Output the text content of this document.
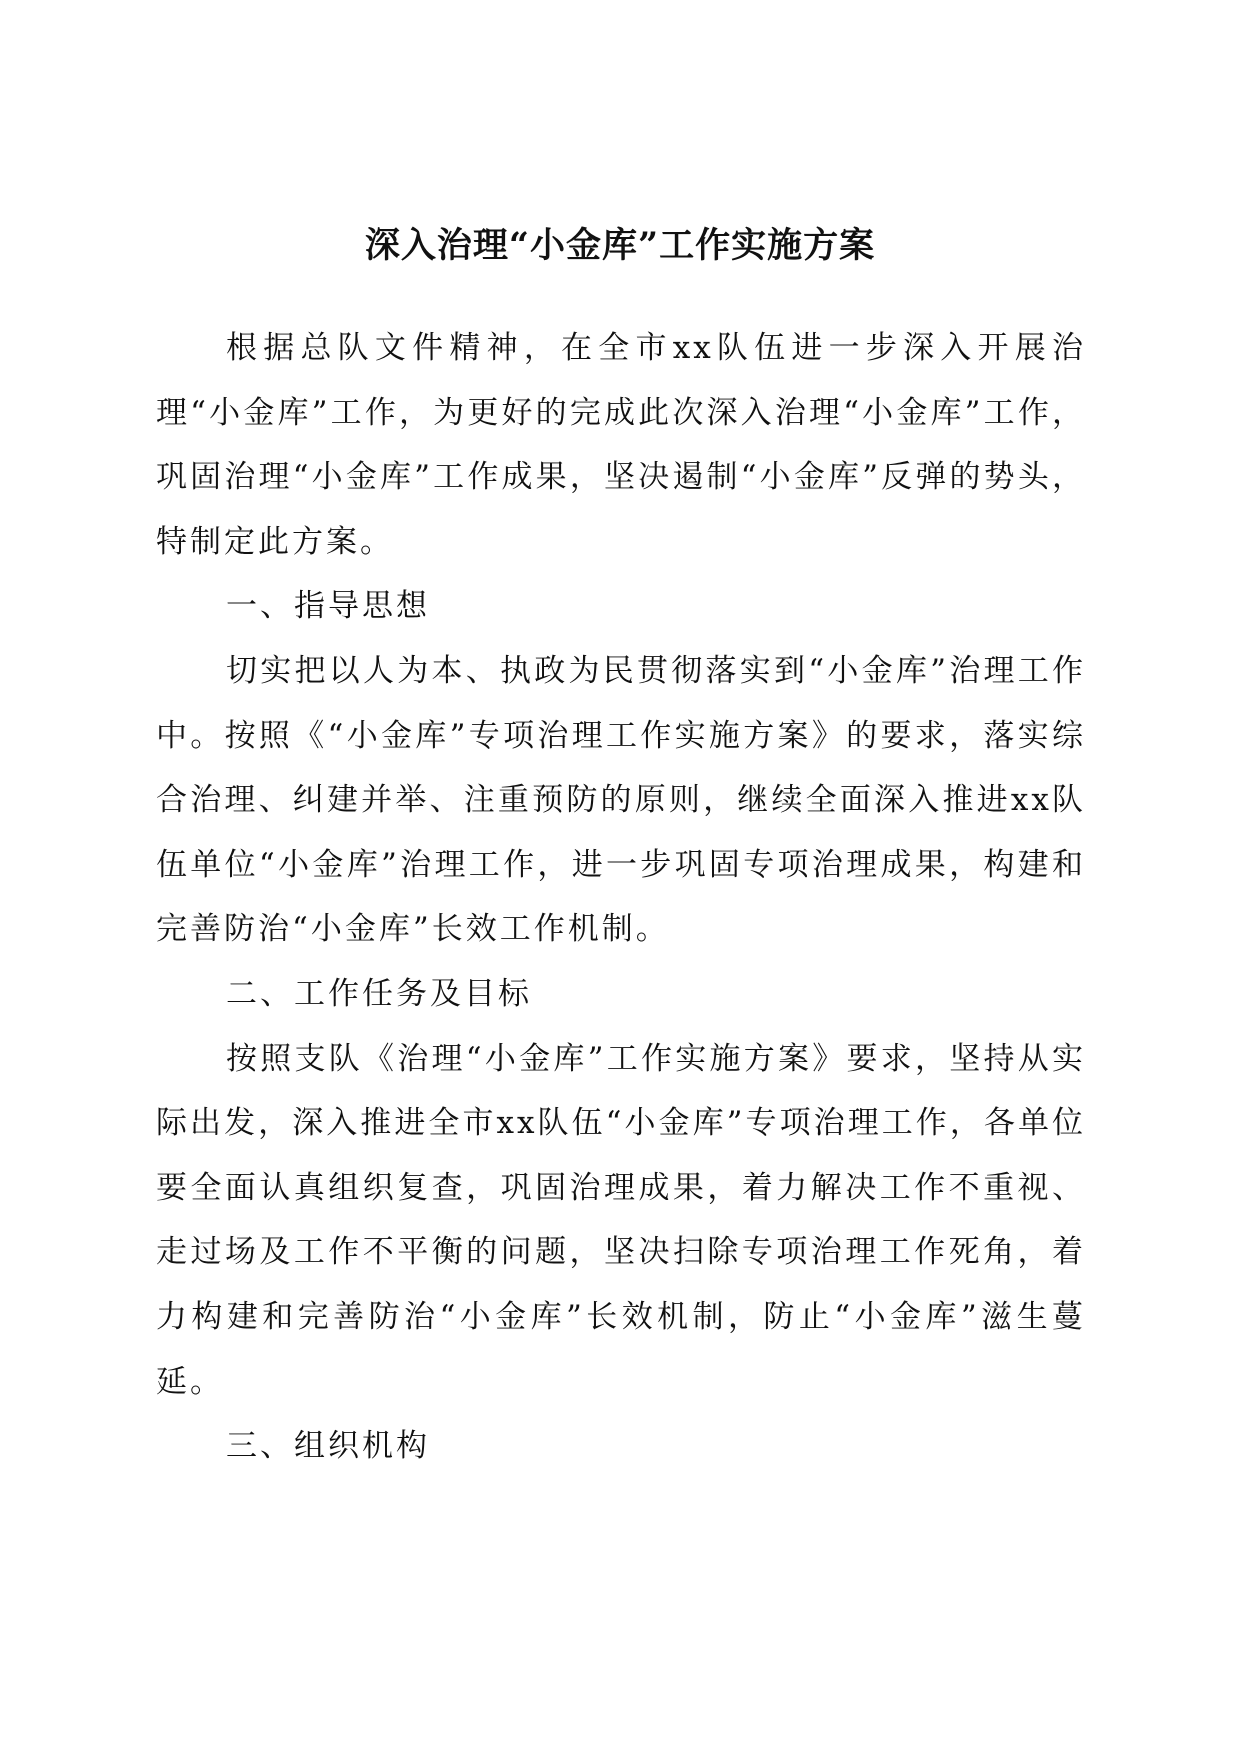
深入治理“小金库”工作实施方案

根据总队文件精神，在全市xx队伍进一步深入开展治理“小金库”工作，为更好的完成此次深入治理“小金库”工作，巩固治理“小金库”工作成果，坚决遏制“小金库”反弹的势头，特制定此方案。

一、指导思想

切实把以人为本、执政为民贯彻落实到“小金库”治理工作中。按照《“小金库”专项治理工作实施方案》的要求，落实综合治理、纠建并举、注重预防的原则，继续全面深入推进xx队伍单位“小金库”治理工作，进一步巩固专项治理成果，构建和完善防治“小金库”长效工作机制。

二、工作任务及目标

按照支队《治理“小金库”工作实施方案》要求，坚持从实际出发，深入推进全市xx队伍“小金库”专项治理工作，各单位要全面认真组织复查，巩固治理成果，着力解决工作不重视、走过场及工作不平衡的问题，坚决扫除专项治理工作死角，着力构建和完善防治“小金库”长效机制，防止“小金库”滋生蔓延。

三、组织机构
